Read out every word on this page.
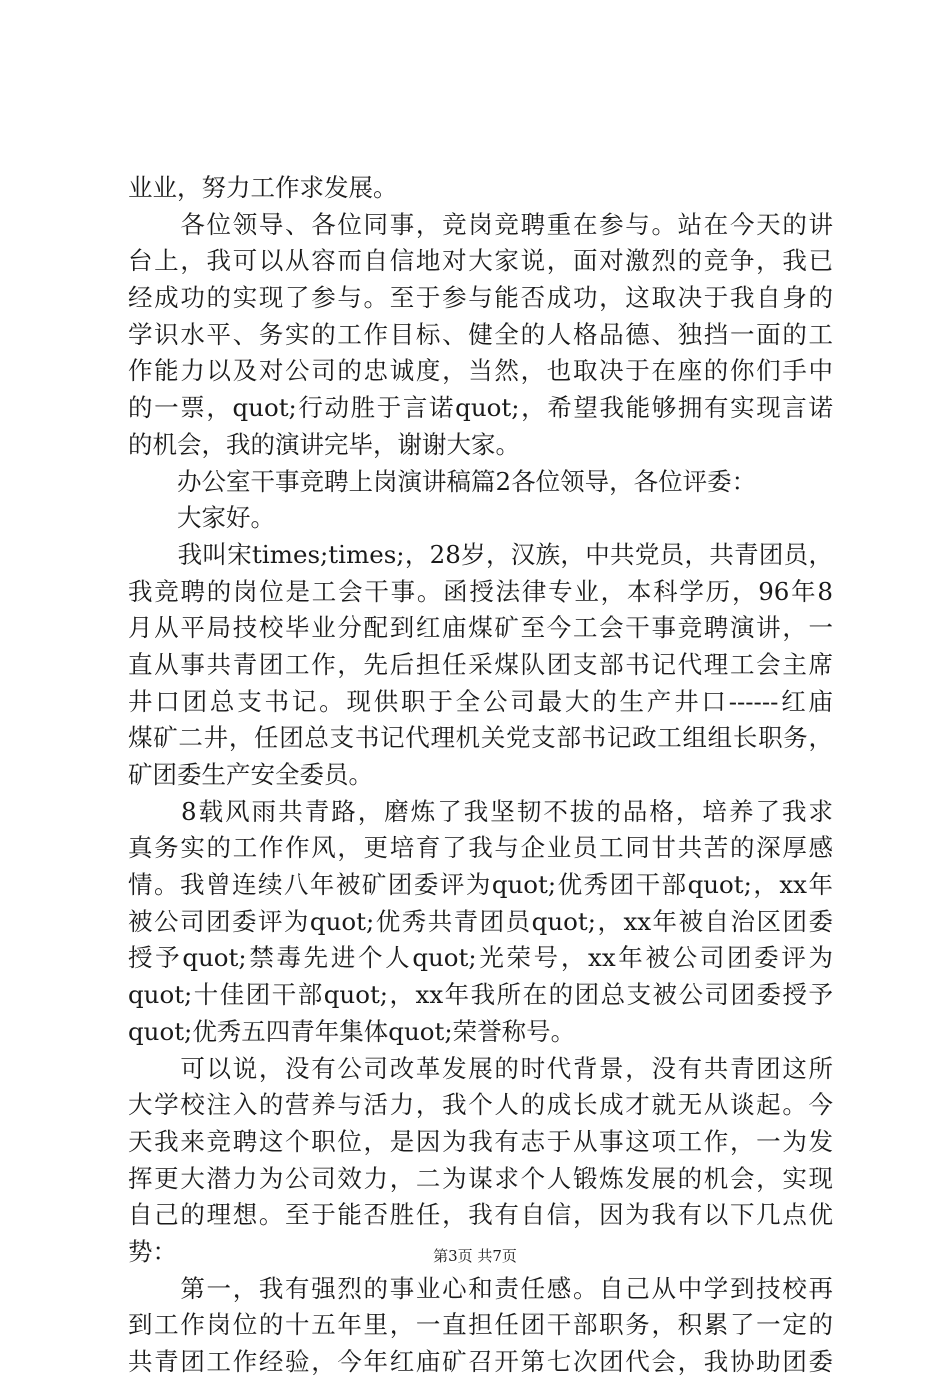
业业，努力工作求发展。
　　各位领导、各位同事，竞岗竞聘重在参与。站在今天的讲
台上，我可以从容而自信地对大家说，面对激烈的竞争，我已
经成功的实现了参与。至于参与能否成功，这取决于我自身的
学识水平、务实的工作目标、健全的人格品德、独挡一面的工
作能力以及对公司的忠诚度，当然，也取决于在座的你们手中
的一票，quot;行动胜于言诺quot;，希望我能够拥有实现言诺
的机会，我的演讲完毕，谢谢大家。
　　办公室干事竞聘上岗演讲稿篇2各位领导，各位评委：
　　大家好。
　　我叫宋times;times;，28岁，汉族，中共党员，共青团员，
我竞聘的岗位是工会干事。函授法律专业，本科学历，96年8
月从平局技校毕业分配到红庙煤矿至今工会干事竞聘演讲，一
直从事共青团工作，先后担任采煤队团支部书记代理工会主席
井口团总支书记。现供职于全公司最大的生产井口------红庙
煤矿二井，任团总支书记代理机关党支部书记政工组组长职务，
矿团委生产安全委员。
　　8载风雨共青路，磨炼了我坚韧不拔的品格，培养了我求
真务实的工作作风，更培育了我与企业员工同甘共苦的深厚感
情。我曾连续八年被矿团委评为quot;优秀团干部quot;，xx年
被公司团委评为quot;优秀共青团员quot;，xx年被自治区团委
授予quot;禁毒先进个人quot;光荣号，xx年被公司团委评为
quot;十佳团干部quot;，xx年我所在的团总支被公司团委授予
quot;优秀五四青年集体quot;荣誉称号。
　　可以说，没有公司改革发展的时代背景，没有共青团这所
大学校注入的营养与活力，我个人的成长成才就无从谈起。今
天我来竞聘这个职位，是因为我有志于从事这项工作，一为发
挥更大潜力为公司效力，二为谋求个人锻炼发展的机会，实现
自己的理想。至于能否胜任，我有自信，因为我有以下几点优
势：
　　第一，我有强烈的事业心和责任感。自己从中学到技校再
到工作岗位的十五年里，一直担任团干部职务，积累了一定的
共青团工作经验，今年红庙矿召开第七次团代会，我协助团委
第3页 共7页
